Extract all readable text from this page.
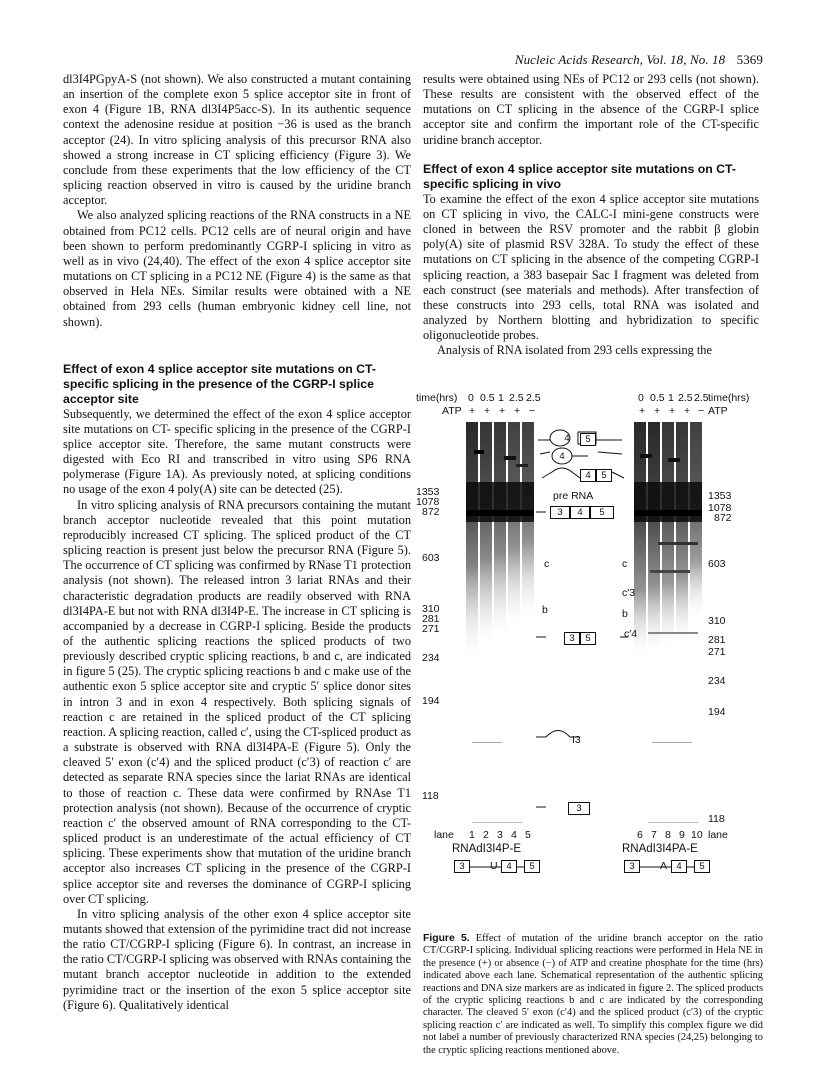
Nucleic Acids Research, Vol. 18, No. 18 5369

dl3I4PGpyA-S (not shown). We also constructed a mutant containing an insertion of the complete exon 5 splice acceptor site in front of exon 4 (Figure 1B, RNA dl3I4P5acc-S). In its authentic sequence context the adenosine residue at position −36 is used as the branch acceptor (24). In vitro splicing analysis of this precursor RNA also showed a strong increase in CT splicing efficiency (Figure 3). We conclude from these experiments that the low efficiency of the CT splicing reaction observed in vitro is caused by the uridine branch acceptor.

We also analyzed splicing reactions of the RNA constructs in a NE obtained from PC12 cells. PC12 cells are of neural origin and have been shown to perform predominantly CGRP-I splicing in vitro as well as in vivo (24,40). The effect of the exon 4 splice acceptor site mutations on CT splicing in a PC12 NE (Figure 4) is the same as that observed in Hela NEs. Similar results were obtained with a NE obtained from 293 cells (human embryonic kidney cell line, not shown).

Effect of exon 4 splice acceptor site mutations on CT-specific splicing in the presence of the CGRP-I splice acceptor site

Subsequently, we determined the effect of the exon 4 splice acceptor site mutations on CT- specific splicing in the presence of the CGRP-I splice acceptor site. Therefore, the same mutant constructs were digested with Eco RI and transcribed in vitro using SP6 RNA polymerase (Figure 1A). As previously noted, at splicing conditions no usage of the exon 4 poly(A) site can be detected (25).

In vitro splicing analysis of RNA precursors containing the mutant branch acceptor nucleotide revealed that this point mutation reproducibly increased CT splicing. The spliced product of the CT splicing reaction is present just below the precursor RNA (Figure 5). The occurrence of CT splicing was confirmed by RNase T1 protection analysis (not shown). The released intron 3 lariat RNAs and their characteristic degradation products are readily observed with RNA dl3I4PA-E but not with RNA dl3I4P-E. The increase in CT splicing is accompanied by a decrease in CGRP-I splicing. Beside the products of the authentic splicing reactions the spliced products of two previously described cryptic splicing reactions, b and c, are indicated in figure 5 (25). The cryptic splicing reactions b and c make use of the authentic exon 5 splice acceptor site and cryptic 5′ splice donor sites in intron 3 and in exon 4 respectively. Both splicing signals of reaction c are retained in the spliced product of the CT splicing reaction. A splicing reaction, called c′, using the CT-spliced product as a substrate is observed with RNA dl3I4PA-E (Figure 5). Only the cleaved 5′ exon (c′4) and the spliced product (c′3) of reaction c′ are detected as separate RNA species since the lariat RNAs are identical to those of reaction c. These data were confirmed by RNAse T1 protection analysis (not shown). Because of the occurrence of cryptic reaction c′ the observed amount of RNA corresponding to the CT-spliced product is an underestimate of the actual efficiency of CT splicing. These experiments show that mutation of the uridine branch acceptor also increases CT splicing in the presence of the CGRP-I splice acceptor site and reverses the dominance of CGRP-I splicing over CT splicing.

In vitro splicing analysis of the other exon 4 splice acceptor site mutants showed that extension of the pyrimidine tract did not increase the ratio CT/CGRP-I splicing (Figure 6). In contrast, an increase in the ratio CT/CGRP-I splicing was observed with RNAs containing the mutant branch acceptor nucleotide in addition to the extended pyrimidine tract or the insertion of the exon 5 splice acceptor site (Figure 6). Qualitatively identical

results were obtained using NEs of PC12 or 293 cells (not shown). These results are consistent with the observed effect of the mutations on CT splicing in the absence of the CGRP-I splice acceptor site and confirm the important role of the CT-specific uridine branch acceptor.

Effect of exon 4 splice acceptor site mutations on CT-specific splicing in vivo

To examine the effect of the exon 4 splice acceptor site mutations on CT splicing in vivo, the CALC-I mini-gene constructs were cloned in between the RSV promoter and the rabbit β globin poly(A) site of plasmid RSV 328A. To study the effect of these mutations on CT splicing in the absence of the competing CGRP-I splicing reaction, a 383 basepair Sac I fragment was deleted from each construct (see materials and methods). After transfection of these constructs into 293 cells, total RNA was isolated and analyzed by Northern blotting and hybridization to specific oligonucleotide probes.

Analysis of RNA isolated from 293 cells expressing the

time(hrs)
ATP
time(hrs)
ATP
0 0.5 1 2.5 2.5
+ + + + −
0 0.5 1 2.5 2.5
+ + + + −
4	5
4
4	5
pre RNA
3	4	5
3	5
I3
3
c
b
c
c′3
b
c′4
1353
1078
872
603
310
281
271
234
194
118
1353
1078
872
603
310
281
271
234
194
118
lane 1 2 3 4 5	6 7 8 9 10 lane
RNAdI3I4P-E	RNAdI3I4PA-E
3	U 4	5	3	A 4	5
Figure 5. Effect of mutation of the uridine branch acceptor on the ratio CT/CGRP-I splicing. Individual splicing reactions were performed in Hela NE in the presence (+) or absence (−) of ATP and creatine phosphate for the time (hrs) indicated above each lane. Schematical representation of the authentic splicing reactions and DNA size markers are as indicated in figure 2. The spliced products of the cryptic splicing reactions b and c are indicated by the corresponding character. The cleaved 5′ exon (c′4) and the spliced product (c′3) of the cryptic splicing reaction c′ are indicated as well. To simplify this complex figure we did not label a number of previously characterized RNA species (24,25) belonging to the cryptic splicing reactions mentioned above.
